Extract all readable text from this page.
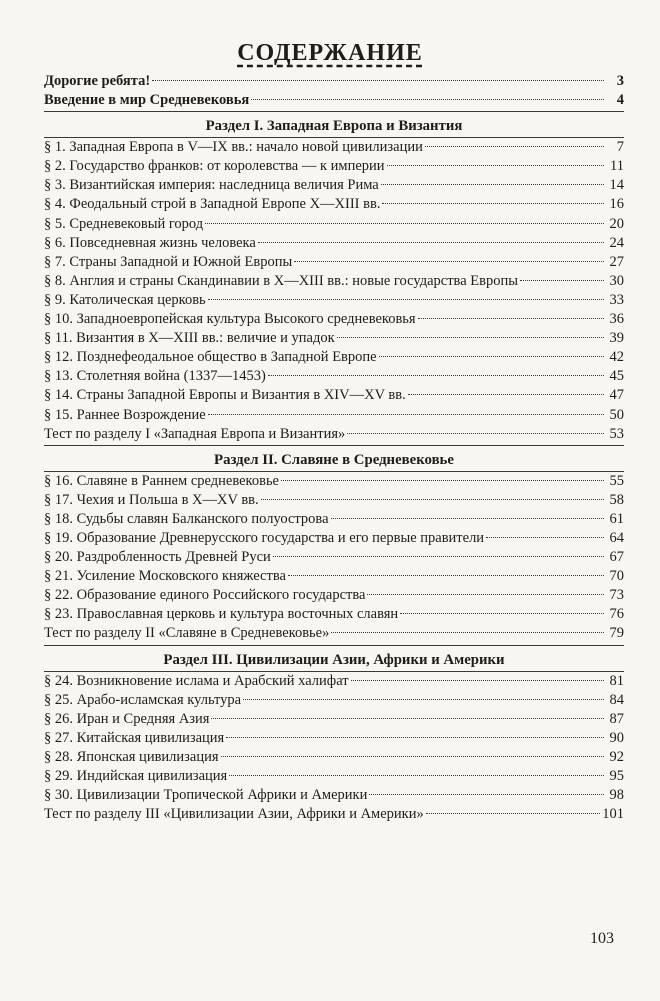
СОДЕРЖАНИЕ
Дорогие ребята!	3
Введение в мир Средневековья	4
Раздел I. Западная Европа и Византия
§ 1. Западная Европа в V—IX вв.: начало новой цивилизации	7
§ 2. Государство франков: от королевства — к империи	11
§ 3. Византийская империя: наследница величия Рима	14
§ 4. Феодальный строй в Западной Европе X—XIII вв.	16
§ 5. Средневековый город	20
§ 6. Повседневная жизнь человека	24
§ 7. Страны Западной и Южной Европы	27
§ 8. Англия и страны Скандинавии в X—XIII вв.: новые государства Европы	30
§ 9. Католическая церковь	33
§ 10. Западноевропейская культура Высокого средневековья	36
§ 11. Византия в X—XIII вв.: величие и упадок	39
§ 12. Позднефеодальное общество в Западной Европе	42
§ 13. Столетняя война (1337—1453)	45
§ 14. Страны Западной Европы и Византия в XIV—XV вв.	47
§ 15. Раннее Возрождение	50
Тест по разделу I «Западная Европа и Византия»	53
Раздел II. Славяне в Средневековье
§ 16. Славяне в Раннем средневековье	55
§ 17. Чехия и Польша в X—XV вв.	58
§ 18. Судьбы славян Балканского полуострова	61
§ 19. Образование Древнерусского государства и его первые правители	64
§ 20. Раздробленность Древней Руси	67
§ 21. Усиление Московского княжества	70
§ 22. Образование единого Российского государства	73
§ 23. Православная церковь и культура восточных славян	76
Тест по разделу II «Славяне в Средневековье»	79
Раздел III. Цивилизации Азии, Африки и Америки
§ 24. Возникновение ислама и Арабский халифат	81
§ 25. Арабо-исламская культура	84
§ 26. Иран и Средняя Азия	87
§ 27. Китайская цивилизация	90
§ 28. Японская цивилизация	92
§ 29. Индийская цивилизация	95
§ 30. Цивилизации Тропической Африки и Америки	98
Тест по разделу III «Цивилизации Азии, Африки и Америки»	101
103
